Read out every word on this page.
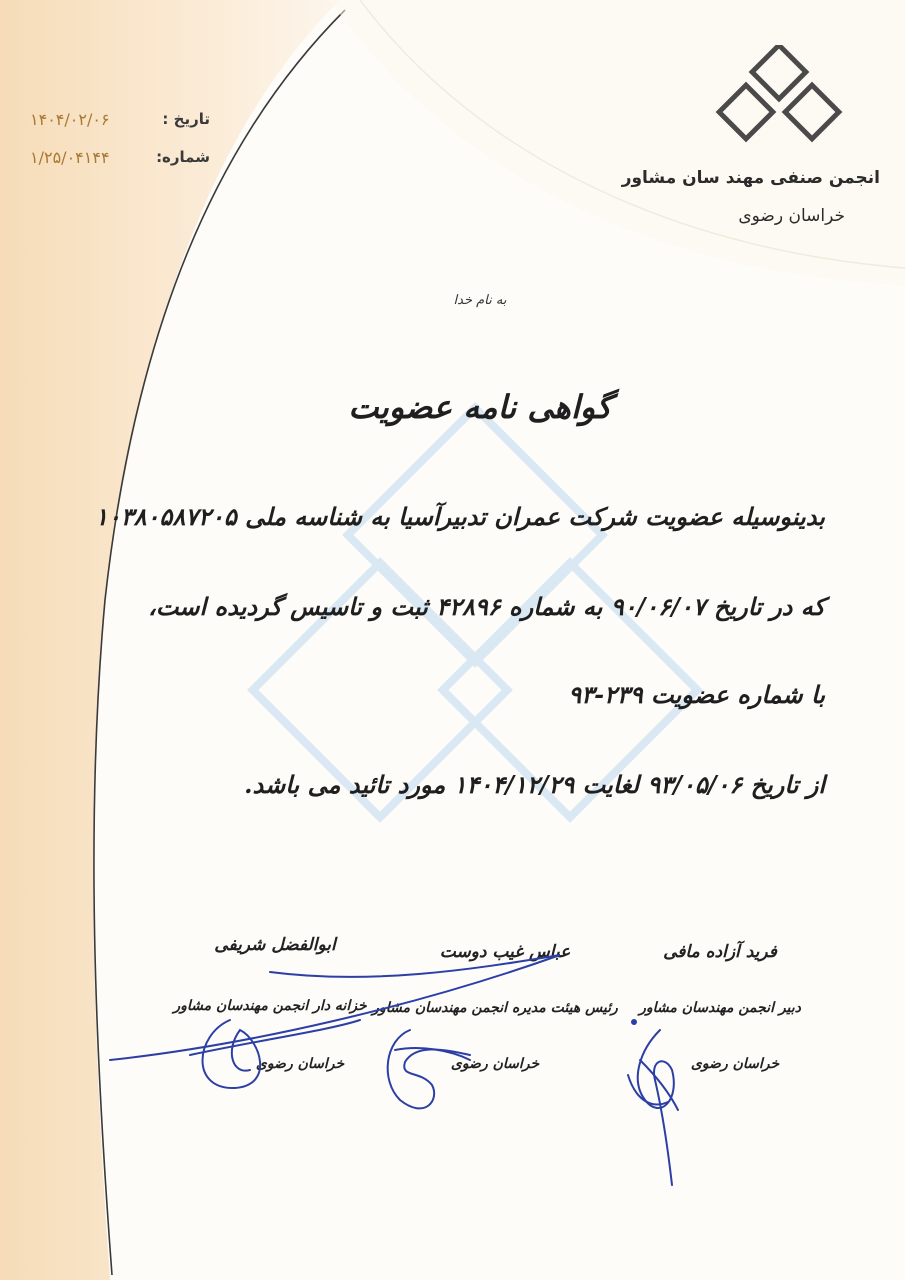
انجمن صنفی مهند سان مشاور
خراسان رضوی
تاریخ :
۱۴۰۴/۰۲/۰۶
شماره:
۱/۲۵/۰۴۱۴۴
به نام خدا
گواهی نامه عضویت
بدینوسیله عضویت شرکت عمران تدبیرآسیا به شناسه ملی ۱۰۳۸۰۵۸۷۲۰۵
که در تاریخ ۹۰/۰۶/۰۷ به شماره ۴۲۸۹۶ ثبت و تاسیس گردیده است،
با شماره عضویت ۲۳۹-۹۳
از تاریخ ۹۳/۰۵/۰۶ لغایت ۱۴۰۴/۱۲/۲۹ مورد تائید می باشد.
فرید آزاده مافی
دبیر انجمن مهندسان مشاور
خراسان رضوی
عباس غیب دوست
رئیس هیئت مدیره انجمن مهندسان مشاور
خراسان رضوی
ابوالفضل شریفی
خزانه دار انجمن مهندسان مشاور
خراسان رضوی
